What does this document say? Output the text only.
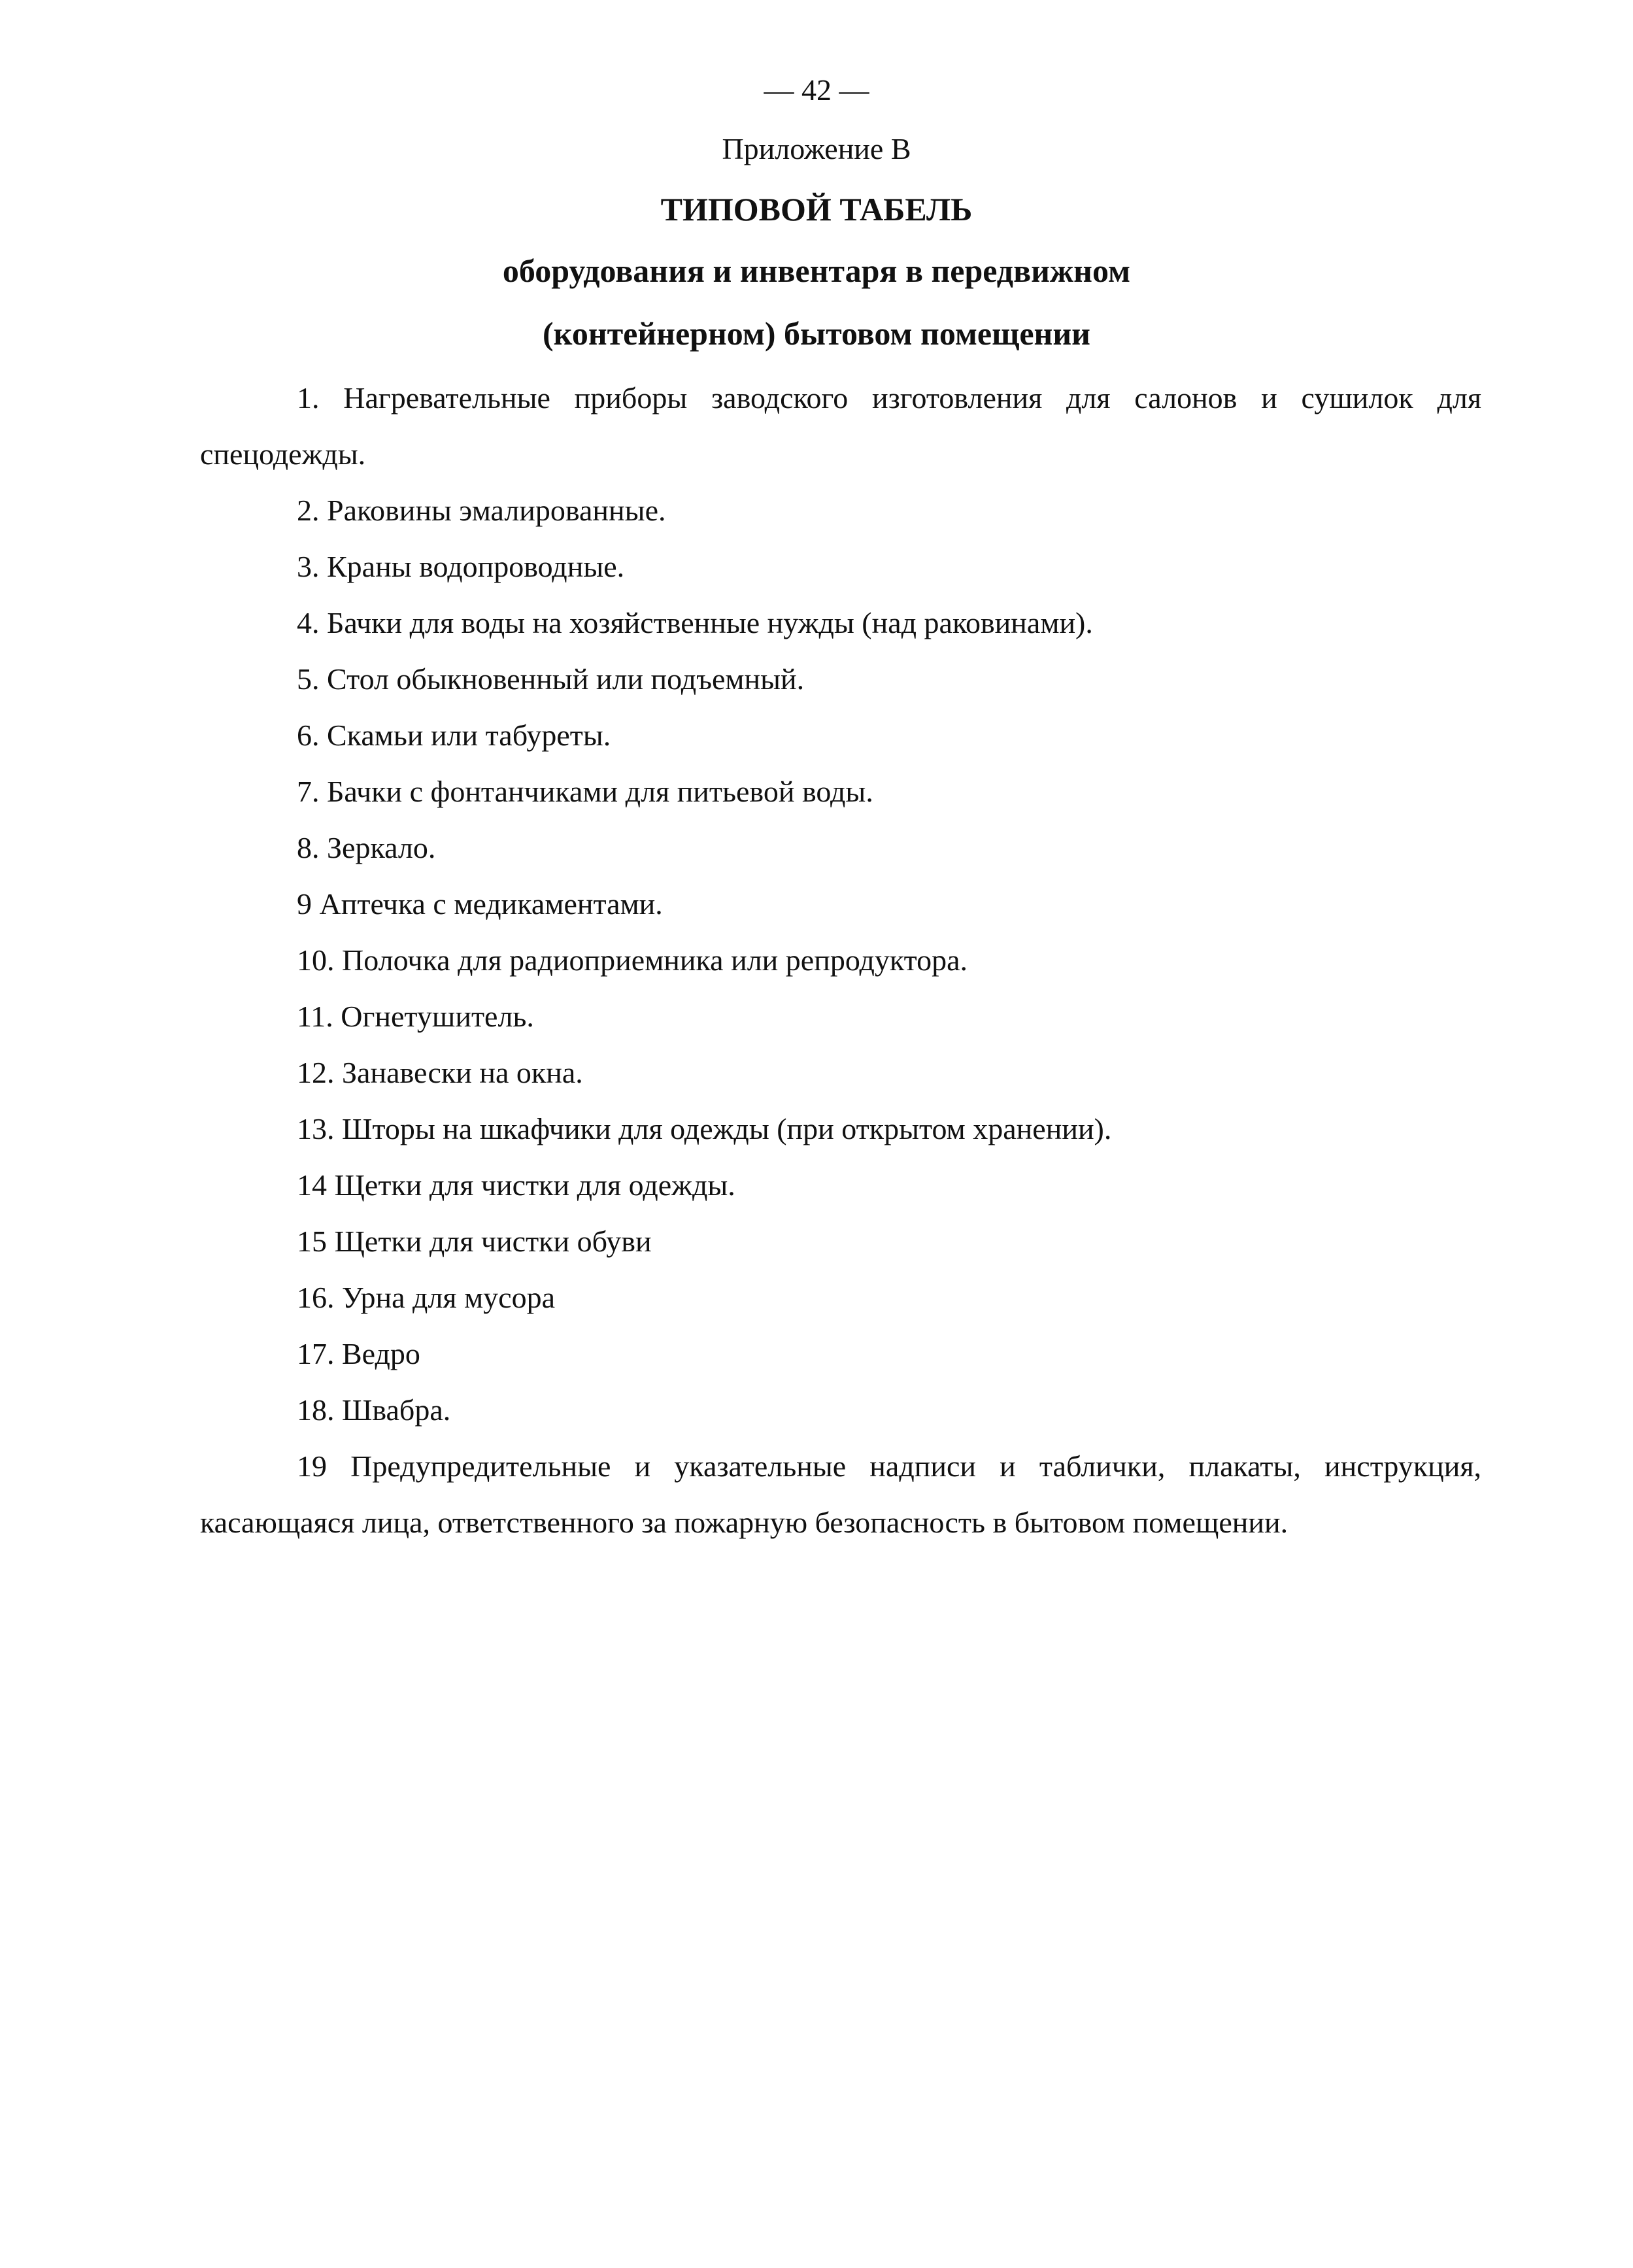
— 42 —
Приложение В
ТИПОВОЙ ТАБЕЛЬ
оборудования и инвентаря в передвижном
(контейнерном) бытовом помещении

1. Нагревательные приборы заводского изготовления для салонов и сушилок для спецодежды.

2. Раковины эмалированные.

3. Краны водопроводные.

4. Бачки для воды на хозяйственные нужды (над раковинами).

5. Стол обыкновенный или подъемный.

6. Скамьи или табуреты.

7. Бачки с фонтанчиками для питьевой воды.

8. Зеркало.

9 Аптечка с медикаментами.

10. Полочка для радиоприемника или репродуктора.

11. Огнетушитель.

12. Занавески на окна.

13. Шторы на шкафчики для одежды (при открытом хранении).

14 Щетки для чистки для одежды.

15 Щетки для чистки обуви

16. Урна для мусора

17. Ведро

18. Швабра.

19 Предупредительные и указательные надписи и таблички, плакаты, инструкция, касающаяся лица, ответственного за пожарную безопасность в бытовом помещении.
